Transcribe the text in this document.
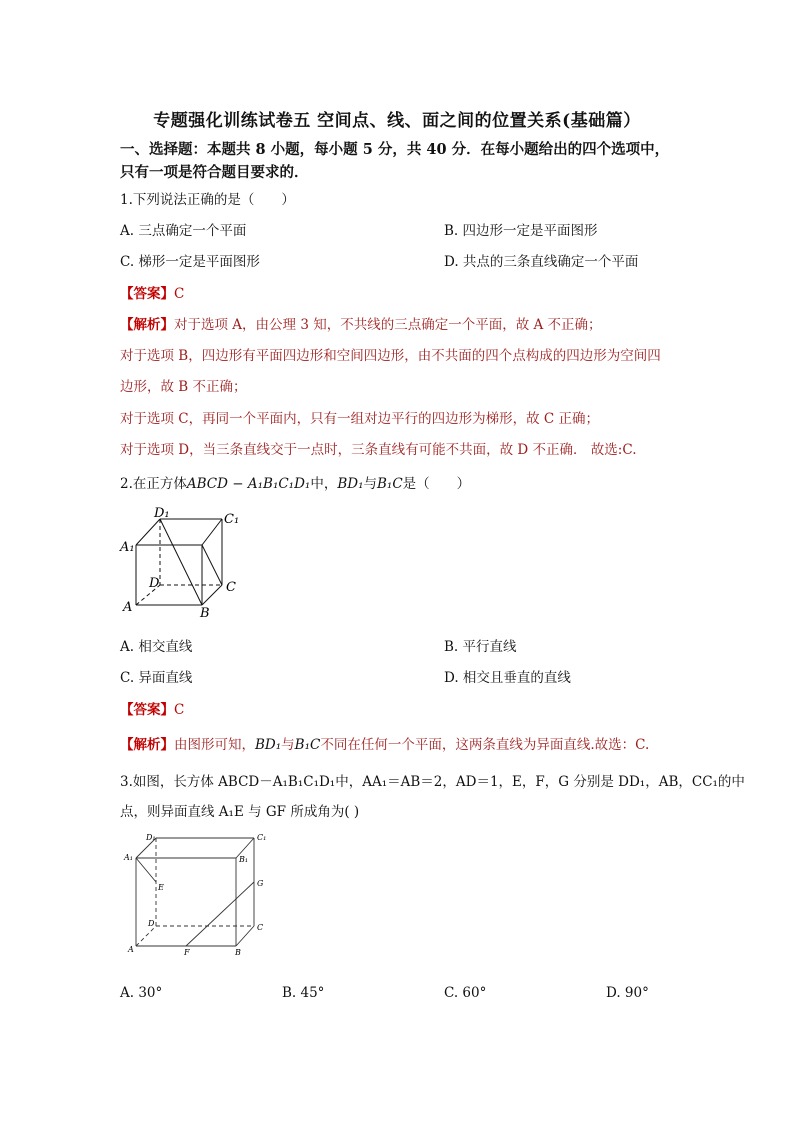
专题强化训练试卷五 空间点、线、面之间的位置关系(基础篇）
一、选择题：本题共 8 小题，每小题 5 分，共 40 分．在每小题给出的四个选项中，只有一项是符合题目要求的．
1.下列说法正确的是（　　）
A. 三点确定一个平面	B. 四边形一定是平面图形
C. 梯形一定是平面图形	D. 共点的三条直线确定一个平面
【答案】C
【解析】对于选项 A，由公理 3 知，不共线的三点确定一个平面，故 A 不正确；
对于选项 B，四边形有平面四边形和空间四边形，由不共面的四个点构成的四边形为空间四
边形，故 B 不正确；
对于选项 C，再同一个平面内，只有一组对边平行的四边形为梯形，故 C 正确；
对于选项 D，当三条直线交于一点时，三条直线有可能不共面，故 D 不正确． 故选:C.
2.在正方体ABCD − A₁B₁C₁D₁中，BD₁与B₁C是（　　）
D₁	C₁
A₁
D	C
A	B
A. 相交直线	B. 平行直线
C. 异面直线	D. 相交且垂直的直线
【答案】C
【解析】由图形可知，BD₁与B₁C不同在任何一个平面，这两条直线为异面直线.故选：C.
3.如图，长方体 ABCD－A₁B₁C₁D₁中，AA₁＝AB＝2，AD＝1，E，F，G 分别是 DD₁，AB，CC₁的中
点，则异面直线 A₁E 与 GF 所成角为( )
D₁	C₁
A₁	B₁
E	G
D	C
A	F	B
A. 30°	B. 45°	C. 60°	D. 90°
